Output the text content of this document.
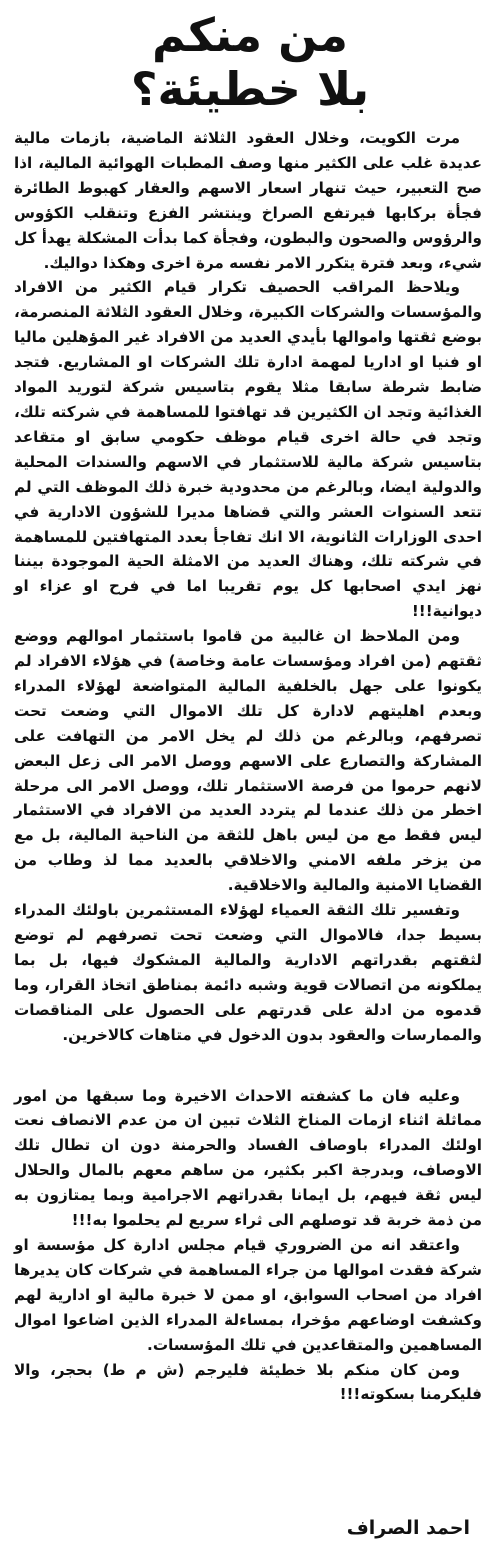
من منكم
بلا خطيئة؟

مرت الكويت، وخلال العقود الثلاثة الماضية، بازمات مالية عديدة غلب على الكثير منها وصف المطبات الهوائية المالية، اذا صح التعبير، حيث تنهار اسعار الاسهم والعقار كهبوط الطائرة فجأة بركابها فيرتفع الصراخ وينتشر الفزع وتنقلب الكؤوس والرؤوس والصحون والبطون، وفجأة كما بدأت المشكلة يهدأ كل شيء، وبعد فترة يتكرر الامر نفسه مرة اخرى وهكذا دواليك.

ويلاحظ المراقب الحصيف تكرار قيام الكثير من الافراد والمؤسسات والشركات الكبيرة، وخلال العقود الثلاثة المنصرمة، بوضع ثقتها واموالها بأيدي العديد من الافراد غير المؤهلين ماليا او فنيا او اداريا لمهمة ادارة تلك الشركات او المشاريع. فتجد ضابط شرطة سابقا مثلا يقوم بتاسيس شركة لتوريد المواد الغذائية وتجد ان الكثيرين قد تهافتوا للمساهمة في شركته تلك، وتجد في حالة اخرى قيام موظف حكومي سابق او متقاعد بتاسيس شركة مالية للاستثمار في الاسهم والسندات المحلية والدولية ايضا، وبالرغم من محدودية خبرة ذلك الموظف التي لم تتعد السنوات العشر والتي قضاها مديرا للشؤون الادارية في احدى الوزارات الثانوية، الا انك تفاجأ بعدد المتهافتين للمساهمة في شركته تلك، وهناك العديد من الامثلة الحية الموجودة بيننا نهز ايدي اصحابها كل يوم تقريبا اما في فرح او عزاء او ديوانية!!!

ومن الملاحظ ان غالبية من قاموا باستثمار اموالهم ووضع ثقتهم (من افراد ومؤسسات عامة وخاصة) في هؤلاء الافراد لم يكونوا على جهل بالخلفية المالية المتواضعة لهؤلاء المدراء وبعدم اهليتهم لادارة كل تلك الاموال التي وضعت تحت تصرفهم، وبالرغم من ذلك لم يخل الامر من التهافت على المشاركة والتصارع على الاسهم ووصل الامر الى زعل البعض لانهم حرموا من فرصة الاستثمار تلك، ووصل الامر الى مرحلة اخطر من ذلك عندما لم يتردد العديد من الافراد في الاستثمار ليس فقط مع من ليس باهل للثقة من الناحية المالية، بل مع من يزخر ملفه الامني والاخلاقي بالعديد مما لذ وطاب من القضايا الامنية والمالية والاخلاقية.

وتفسير تلك الثقة العمياء لهؤلاء المستثمرين باولئك المدراء بسيط جدا، فالاموال التي وضعت تحت تصرفهم لم توضع لثقتهم بقدراتهم الادارية والمالية المشكوك فيها، بل بما يملكونه من اتصالات قوية وشبه دائمة بمناطق اتخاذ القرار، وما قدموه من ادلة على قدرتهم على الحصول على المناقصات والممارسات والعقود بدون الدخول في متاهات كالاخرين.

وعليه فان ما كشفته الاحداث الاخيرة وما سبقها من امور مماثلة اثناء ازمات المناخ الثلاث تبين ان من عدم الانصاف نعت اولئك المدراء باوصاف الفساد والحرمنة دون ان تطال تلك الاوصاف، وبدرجة اكبر بكثير، من ساهم معهم بالمال والحلال ليس ثقة فيهم، بل ايمانا بقدراتهم الاجرامية وبما يمتازون به من ذمة خربة قد توصلهم الى ثراء سريع لم يحلموا به!!!

واعتقد انه من الضروري قيام مجلس ادارة كل مؤسسة او شركة فقدت اموالها من جراء المساهمة في شركات كان يديرها افراد من اصحاب السوابق، او ممن لا خبرة مالية او ادارية لهم وكشفت اوضاعهم مؤخرا، بمساءلة المدراء الذين اضاعوا اموال المساهمين والمتقاعدين في تلك المؤسسات.

ومن كان منكم بلا خطيئة فليرجم (ش م ط) بحجر، والا فليكرمنا بسكوته!!!

احمد الصراف
